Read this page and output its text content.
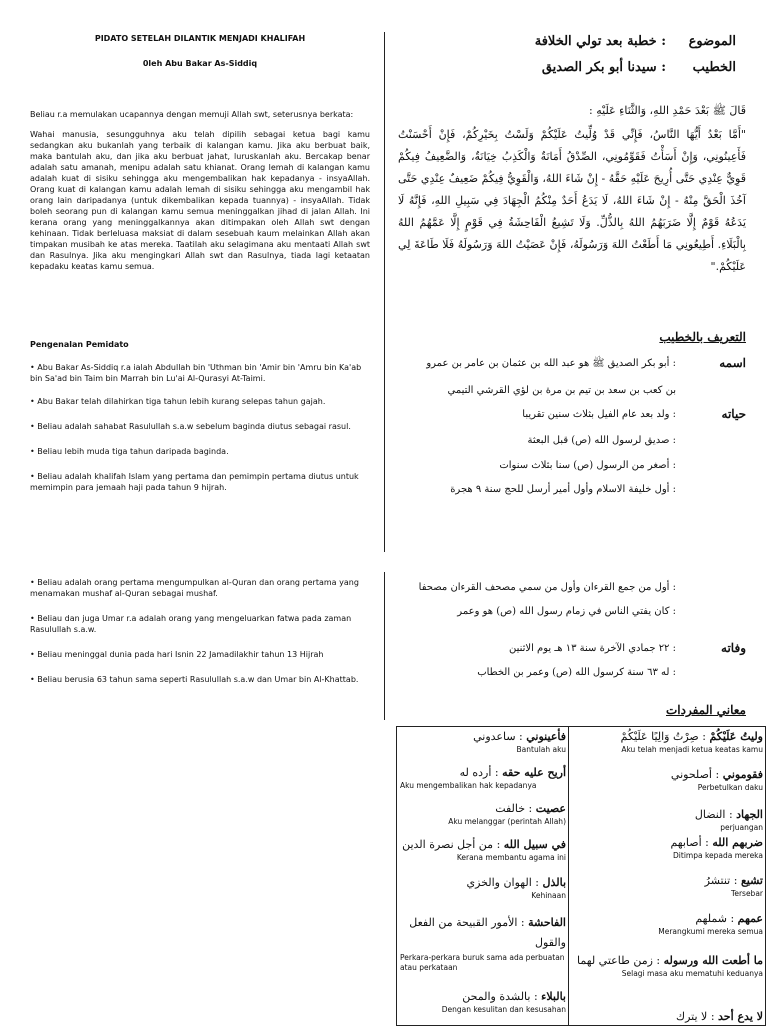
PIDATO SETELAH DILANTIK MENJADI KHALIFAH
0leh Abu Bakar As-Siddiq
Beliau r.a memulakan ucapannya dengan memuji Allah swt, seterusnya berkata:
Wahai manusia, sesungguhnya aku telah dipilih sebagai ketua bagi kamu sedangkan aku bukanlah yang terbaik di kalangan kamu. Jika aku berbuat baik, maka bantulah aku, dan jika aku berbuat jahat, luruskanlah aku. Bercakap benar adalah satu amanah, menipu adalah satu khianat. Orang lemah di kalangan kamu adalah kuat di sisiku sehingga aku mengembalikan hak kepadanya - insyaAllah. Orang kuat di kalangan kamu adalah lemah di sisiku sehingga aku mengambil hak orang lain daripadanya (untuk dikembalikan kepada tuannya) - insyaAllah. Tidak boleh seorang pun di kalangan kamu semua meninggalkan jihad di jalan Allah. Ini kerana orang yang meninggalkannya akan ditimpakan oleh Allah swt dengan kehinaan. Tidak berleluasa maksiat di dalam sesebuah kaum melainkan Allah akan timpakan musibah ke atas mereka. Taatilah aku selagimana aku mentaati Allah swt dan Rasulnya. Jika aku mengingkari Allah swt dan Rasulnya, tiada lagi ketaatan kepadaku keatas kamu semua.
Pengenalan Pemidato

• Abu Bakar As-Siddiq r.a ialah Abdullah bin 'Uthman bin 'Amir bin 'Amru bin Ka'ab bin Sa'ad bin Taim bin Marrah bin Lu'ai Al-Qurasyi At-Taimi.

• Abu Bakar telah dilahirkan tiga tahun lebih kurang selepas tahun gajah.

• Beliau adalah sahabat Rasulullah s.a.w sebelum baginda diutus sebagai rasul.

• Beliau lebih muda tiga tahun daripada baginda.

• Beliau adalah khalifah Islam yang pertama dan pemimpin pertama diutus untuk memimpin para jemaah haji pada tahun 9 hijrah.

• Beliau adalah orang pertama mengumpulkan al-Quran dan orang pertama yang menamakan mushaf al-Quran sebagai mushaf.

• Beliau dan juga Umar r.a adalah orang yang mengeluarkan fatwa pada zaman Rasulullah s.a.w.

• Beliau meninggal dunia pada hari Isnin 22 Jamadilakhir tahun 13 Hijrah

• Beliau berusia 63 tahun sama seperti Rasulullah s.a.w dan Umar bin Al-Khattab.

الموضوع
: خطبة بعد تولي الخلافة
الخطيب
: سيدنا أبو بكر الصديق
قَالَ ﷺ بَعْدَ حَمْدِ اللهِ، وَالثَّنَاءِ عَلَيْهِ :
"أَمَّا بَعْدُ أَيُّهَا النَّاسُ، فَإِنِّي قَدْ وُلِّيتُ عَلَيْكُمْ وَلَسْتُ بِخَيْرِكُمْ، فَإِنْ أَحْسَنْتُ فَأَعِينُونِي، وَإِنْ أَسَأْتُ فَقَوِّمُونِي، الصِّدْقُ أَمَانَةٌ وَالْكَذِبُ خِيَانَةٌ، وَالضَّعِيفُ فِيكُمْ قَوِيٌّ عِنْدِي حَتَّى أُرِيحَ عَلَيْهِ حَقَّهُ - إِنْ شَاءَ اللهُ، وَالْقَوِيُّ فِيكُمْ ضَعِيفٌ عِنْدِي حَتَّى آخُذَ الْحَقَّ مِنْهُ - إِنْ شَاءَ اللهُ، لَا يَدَعُ أَحَدٌ مِنْكُمُ الْجِهَادَ فِي سَبِيلِ اللهِ، فَإِنَّهُ لَا يَدَعُهُ قَوْمٌ إِلَّا ضَرَبَهُمُ اللهُ بِالذُّلِّ. وَلَا تَشِيعُ الْفَاحِشَةُ فِي قَوْمٍ إِلَّا عَمَّهُمُ اللهُ بِالْبَلَاءِ. أَطِيعُونِي مَا أَطَعْتُ اللهَ وَرَسُولَهُ، فَإِنْ عَصَيْتُ اللهَ وَرَسُولَهُ فَلَا طَاعَةَ لِي عَلَيْكُمْ."
التعريف بالخطيب
اسمه
: أبو بكر الصديق ﷺ هو عبد الله بن عثمان بن عامر بن عمرو
بن كعب بن سعد بن تيم بن مرة بن لؤي القرشي التيمي
حياته
: ولد بعد عام الفيل بثلاث سنين تقريبا
: صديق لرسول الله (ص) قبل البعثة
: أصغر من الرسول (ص) سنا بثلاث سنوات
: أول خليفة الاسلام وأول أمير أرسل للحج سنة ٩ هجرة
: أول من جمع القرءان وأول من سمي مصحف القرءان مصحفا
: كان يفتي الناس في زمام رسول الله (ص) هو وعمر
وفاته
: ٢٢ جمادي الآخرة سنة ١٣ هـ يوم الاثنين
: له ٦٣ سنة كرسول الله (ص) وعمر بن الخطاب
معاني المفردات
وليتُ عَلَيْكُمْ : صِرْتُ وَالِيًا عَلَيْكُمْ
Aku telah menjadi ketua keatas kamu
فقوموني : أصلحوني
Perbetulkan daku
الجهاد : النضال
perjuangan
ضربهم الله : أصابهم
Ditimpa kepada mereka
تشيع : تنتشرُ
Tersebar
عمهم : شملهم
Merangkumi mereka semua
ما أطعت الله ورسوله : زمن طاعتي لهما
Selagi masa aku mematuhi keduanya
لا يدع أحد : لا يترك
فأعينوني : ساعدوني
Bantulah aku
أريح عليه حقه : أرده له
Aku mengembalikan hak kepadanya
عصيت : خالفت
Aku melanggar (perintah Allah)
في سبيل الله : من أجل نصرة الدين
Kerana membantu agama ini
بالذل : الهوان والخزي
Kehinaan
الفاحشة : الأمور القبيحة من الفعل والقول
Perkara-perkara buruk sama ada perbuatan atau perkataan
بالبلاء : بالشدة والمحن
Dengan kesulitan dan kesusahan
